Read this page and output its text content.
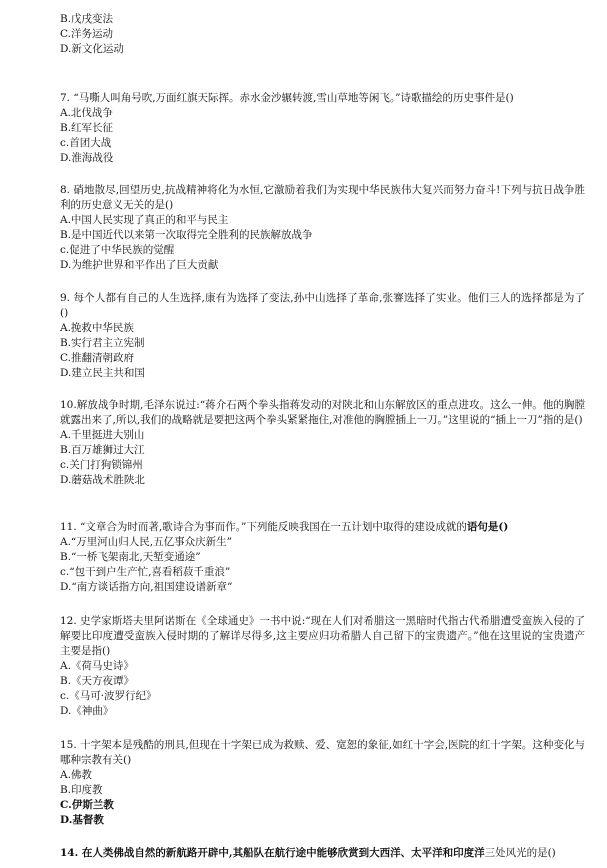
B.戊戌变法

C.洋务运动

D.新文化运动

7. “马嘶人叫角号吹,万面红旗天际挥。赤水金沙辗转渡,雪山草地等闲飞。”诗歌描绘的历史事件是()

A.北伐战争

B.红军长征

c.首团大战

D.淮海战役

8. 硝地散尽,回望历史,抗战精神将化为水恒,它激励着我们为实现中华民族伟大复兴而努力奋斗!下列与抗日战争胜利的历史意义无关的是()

A.中国人民实现了真正的和平与民主

B.是中国近代以来第一次取得完全胜利的民族解放战争

c.促进了中华民族的觉醒

D.为维护世界和平作出了巨大贡献

9. 每个人都有自己的人生选择,康有为选择了变法,孙中山选择了革命,张謇选择了实业。他们三人的选择都是为了()

A.挽救中华民族

B.实行君主立宪制

C.推翻清朝政府

D.建立民主共和国

10.解放战争时期,毛泽东说过:“蒋介石两个拳头指蒋发动的对陕北和山东解放区的重点进攻。这么一伸。他的胸膛就露出来了,所以,我们的战略就是要把这两个拳头紧紧拖住,对准他的胸膛插上一刀。”这里说的“插上一刀”指的是()

A.千里挺进大别山

B.百万雄狮过大江

c.关门打狗锁锦州

D.蘑菇战术胜陕北

11. “文章合为时而著,歌诗合为事而作。”下列能反映我国在一五计划中取得的建设成就的语句是()

A.“万里河山归人民,五亿事众庆新生”

B.“一桥飞架南北,天堑变通途”

c.“包干到户生产忙,喜看稻菽千重浪”

D.“南方谈话指方向,祖国建设谱新章”

12. 史学家斯塔夫里阿诺斯在《全球通史》一书中说:“现在人们对希腊这一黑暗时代指古代希腊遭受蛮族入侵的了解要比印度遭受蛮族入侵时期的了解详尽得多,这主要应归功希腊人自己留下的宝贵遗产。”他在这里说的宝贵遗产主要是指()

A.《荷马史诗》

B.《天方夜谭》

c.《马可·波罗行纪》

D.《神曲》

15. 十字架本是残酷的刑具,但现在十字架已成为救赎、爱、宽恕的象征,如红十字会,医院的红十字架。这种变化与哪种宗教有关()

A.佛教

B.印度教

C.伊斯兰教

D.基督教

14. 在人类佛战自然的新航路开辟中,其船队在航行途中能够欣赏到大西洋、太平洋和印度洋三处风光的是()
